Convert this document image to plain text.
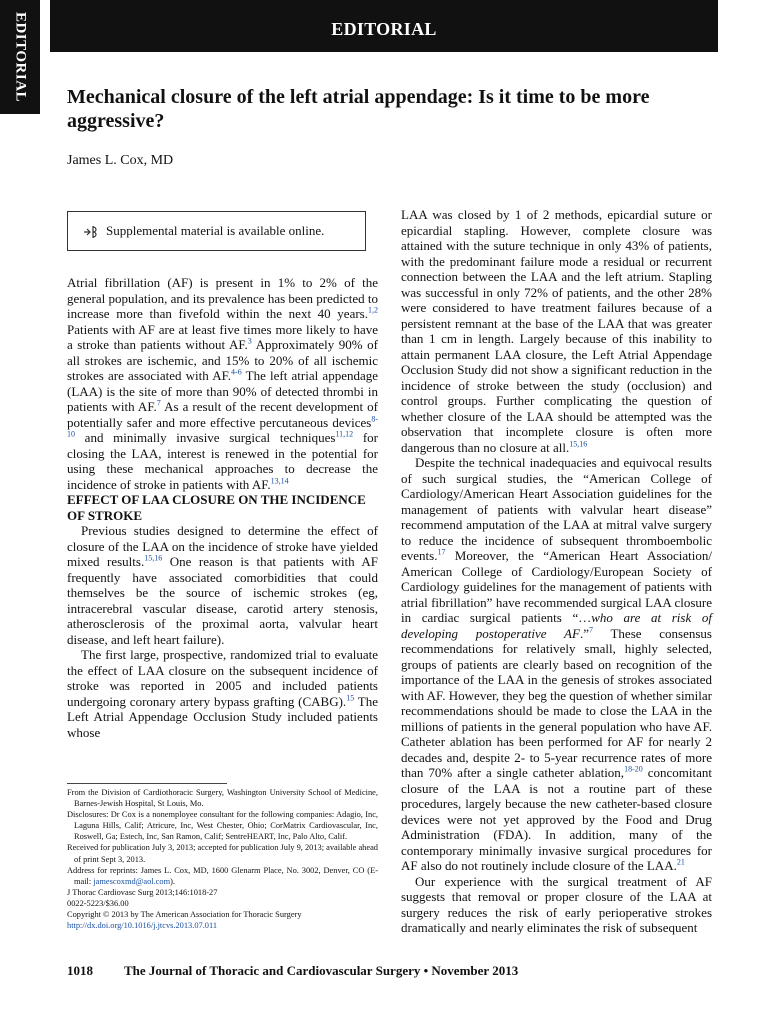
EDITORIAL	EDITORIAL
Mechanical closure of the left atrial appendage: Is it time to be more aggressive?
James L. Cox, MD
Supplemental material is available online.

Atrial fibrillation (AF) is present in 1% to 2% of the general population, and its prevalence has been predicted to increase more than fivefold within the next 40 years.$^{1,2}$ Patients with AF are at least five times more likely to have a stroke than patients without AF.$^3$ Approximately 90% of all strokes are ischemic, and 15% to 20% of all ischemic strokes are associated with AF.$^{4-6}$ The left atrial appendage (LAA) is the site of more than 90% of detected thrombi in patients with AF.$^7$ As a result of the recent development of potentially safer and more effective percutaneous devices$^{8-10}$ and minimally invasive surgical techniques$^{11,12}$ for closing the LAA, interest is renewed in the potential for using these mechanical approaches to decrease the incidence of stroke in patients with AF.$^{13,14}$

EFFECT OF LAA CLOSURE ON THE INCIDENCE OF STROKE

Previous studies designed to determine the effect of closure of the LAA on the incidence of stroke have yielded mixed results.$^{15,16}$ One reason is that patients with AF frequently have associated comorbidities that could themselves be the source of ischemic strokes (eg, intracerebral vascular disease, carotid artery stenosis, atherosclerosis of the proximal aorta, valvular heart disease, and left heart failure).

The first large, prospective, randomized trial to evaluate the effect of LAA closure on the subsequent incidence of stroke was reported in 2005 and included patients undergoing coronary artery bypass grafting (CABG).$^{15}$ The Left Atrial Appendage Occlusion Study included patients whose

LAA was closed by 1 of 2 methods, epicardial suture or epicardial stapling. However, complete closure was attained with the suture technique in only 43% of patients, with the predominant failure mode a residual or recurrent connection between the LAA and the left atrium. Stapling was successful in only 72% of patients, and the other 28% were considered to have treatment failures because of a persistent remnant at the base of the LAA that was greater than 1 cm in length. Largely because of this inability to attain permanent LAA closure, the Left Atrial Appendage Occlusion Study did not show a significant reduction in the incidence of stroke between the study (occlusion) and control groups. Further complicating the question of whether closure of the LAA should be attempted was the observation that incomplete closure is often more dangerous than no closure at all.$^{15,16}$

Despite the technical inadequacies and equivocal results of such surgical studies, the “American College of Cardiology/American Heart Association guidelines for the management of patients with valvular heart disease” recommend amputation of the LAA at mitral valve surgery to reduce the incidence of subsequent thromboembolic events.$^{17}$ Moreover, the “American Heart Association/ American College of Cardiology/European Society of Cardiology guidelines for the management of patients with atrial fibrillation” have recommended surgical LAA closure in cardiac surgical patients “…who are at risk of developing postoperative AF.”$^7$ These consensus recommendations for relatively small, highly selected, groups of patients are clearly based on recognition of the importance of the LAA in the genesis of strokes associated with AF. However, they beg the question of whether similar recommendations should be made to close the LAA in the millions of patients in the general population who have AF. Catheter ablation has been performed for AF for nearly 2 decades and, despite 2- to 5-year recurrence rates of more than 70% after a single catheter ablation,$^{18-20}$ concomitant closure of the LAA is not a routine part of these procedures, largely because the new catheter-based closure devices were not yet approved by the Food and Drug Administration (FDA). In addition, many of the contemporary minimally invasive surgical procedures for AF also do not routinely include closure of the LAA.$^{21}$

Our experience with the surgical treatment of AF suggests that removal or proper closure of the LAA at surgery reduces the risk of early perioperative strokes dramatically and nearly eliminates the risk of subsequent

From the Division of Cardiothoracic Surgery, Washington University School of Medicine, Barnes-Jewish Hospital, St Louis, Mo.

Disclosures: Dr Cox is a nonemployee consultant for the following companies: Adagio, Inc, Laguna Hills, Calif; Atricure, Inc, West Chester, Ohio; CorMatrix Cardiovascular, Inc, Roswell, Ga; Estech, Inc, San Ramon, Calif; SentreHEART, Inc, Palo Alto, Calif.

Received for publication July 3, 2013; accepted for publication July 9, 2013; available ahead of print Sept 3, 2013.

Address for reprints: James L. Cox, MD, 1600 Glenarm Place, No. 3002, Denver, CO (E-mail: jamescoxmd@aol.com).

J Thorac Cardiovasc Surg 2013;146:1018-27

0022-5223/$36.00

Copyright © 2013 by The American Association for Thoracic Surgery

http://dx.doi.org/10.1016/j.jtcvs.2013.07.011

1018 The Journal of Thoracic and Cardiovascular Surgery • November 2013
